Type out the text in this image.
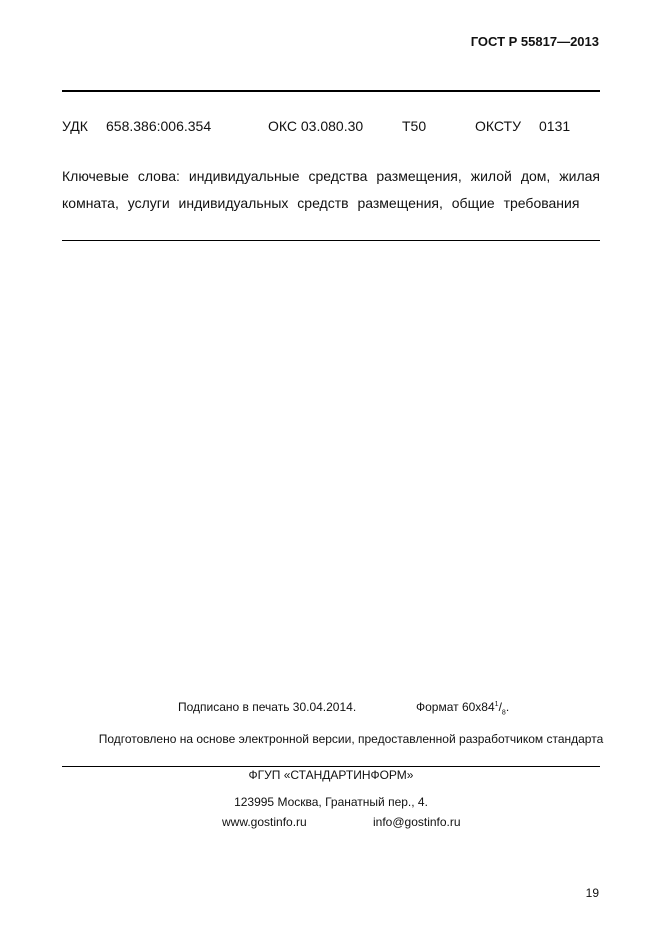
ГОСТ Р 55817—2013
УДК 658.386:006.354	ОКС 03.080.30	Т50	ОКСТУ 0131
Ключевые слова: индивидуальные средства размещения, жилой дом, жилая
комната, услуги индивидуальных средств размещения, общие требования
Подписано в печать 30.04.2014.	Формат $60х84^1/_8$.
Подготовлено на основе электронной версии, предоставленной разработчиком стандарта
ФГУП «СТАНДАРТИНФОРМ»
123995 Москва, Гранатный пер., 4.
www.gostinfo.ru	info@gostinfo.ru
19
